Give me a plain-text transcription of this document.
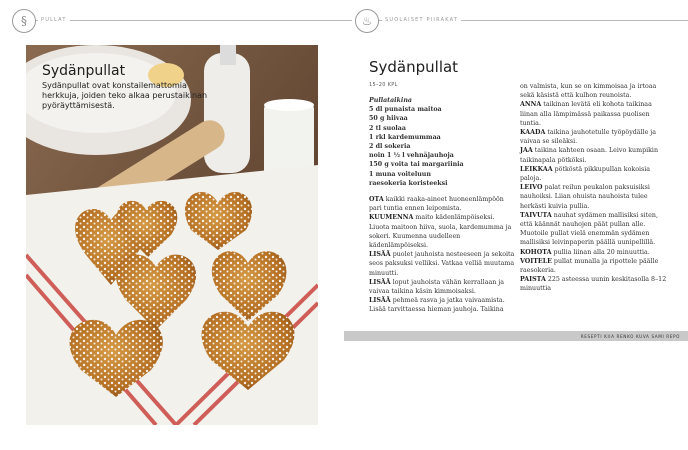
§	♨
PULLAT	SUOLAISET PIIRAKAT
Sydänpullat
Sydänpullat ovat konstailemattomia herkkuja, joiden teko alkaa perustaikinan pyöräyttämisestä.
Sydänpullat
15–20 KPL
Pullataikina
5 dl punaista maitoa
50 g hiivaa
2 tl suolaa
1 rkl kardemummaa
2 dl sokeria
noin 1 ½ l vehnäjauhoja
150 g voita tai margariinia
1 muna voiteluun
raesokeria koristeeksi
OTA kaikki raaka-aineet huoneenlämpöön pari tuntia ennen leipomista.
KUUMENNA maito kädenlämpöiseksi. Liuota maitoon hiiva, suola, kardemumma ja sokeri. Kuumenna uudelleen kädenlämpöiseksi.
LISÄÄ puolet jauhoista nesteeseen ja sekoita seos paksuksi velliksi. Vatkaa velliä muutama minuutti.
LISÄÄ loput jauhoista vähän kerrallaan ja vaivaa taikina käsin kimmoisaksi.
LISÄÄ pehmeä rasva ja jatka vaivaamista. Lisää tarvittaessa hieman jauhoja. Taikina
on valmista, kun se on kimmoisaa ja irtoaa sekä käsistä että kulhon reunoista.
ANNA taikinan levätä eli kohota taikinaa liinan alla lämpimässä paikassa puolisen tuntia.
KAADA taikina jauhotetulle työpöydälle ja vaivaa se sileäksi.
JAA taikina kahteen osaan. Leivo kumpikin taikinapala pötköksi.
LEIKKAA pötköstä pikkupullan kokoisia paloja.
LEIVO palat reilun peukalon paksuisiksi nauhoiksi. Liian ohuista nauhoista tulee herkästi kuivia pullia.
TAIVUTA nauhat sydämen mallisiksi siten, että käännät nauhojen päät pullan alle. Muotoile pullat vielä enemmän sydämen mallisiksi leivinpaperin päällä uunipellillä.
KOHOTA pullia liinan alla 20 minuuttia.
VOITELE pullat munalla ja ripottele päälle raesokeria.
PAISTA 225 asteessa uunin keskitasolla 8–12 minuuttia
RESEPTI KIIA RENKO KUVA SAMI REPO
